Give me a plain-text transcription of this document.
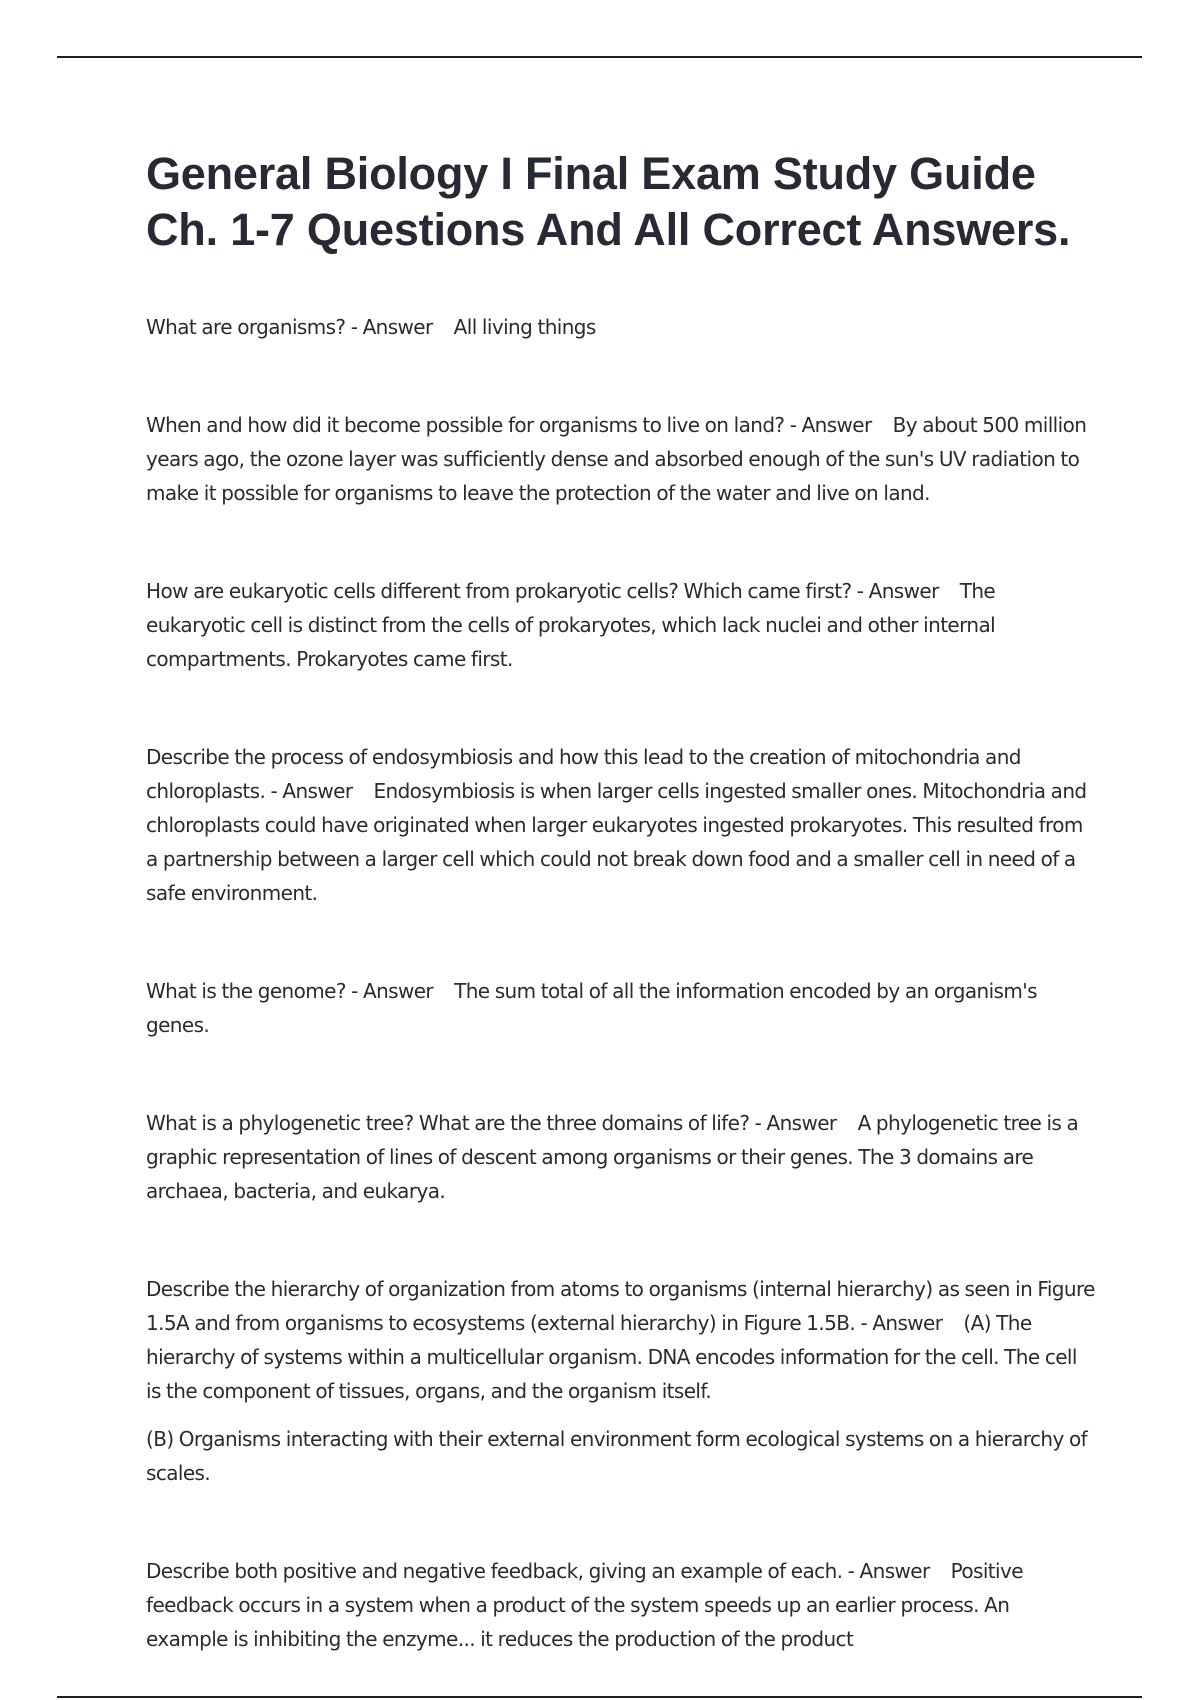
General Biology I Final Exam Study Guide Ch. 1-7 Questions And All Correct Answers.

What are organisms? - Answer All living things

When and how did it become possible for organisms to live on land? - Answer By about 500 million years ago, the ozone layer was sufficiently dense and absorbed enough of the sun's UV radiation to make it possible for organisms to leave the protection of the water and live on land.

How are eukaryotic cells different from prokaryotic cells? Which came first? - Answer The eukaryotic cell is distinct from the cells of prokaryotes, which lack nuclei and other internal compartments. Prokaryotes came first.

Describe the process of endosymbiosis and how this lead to the creation of mitochondria and chloroplasts. - Answer Endosymbiosis is when larger cells ingested smaller ones. Mitochondria and chloroplasts could have originated when larger eukaryotes ingested prokaryotes. This resulted from a partnership between a larger cell which could not break down food and a smaller cell in need of a safe environment.

What is the genome? - Answer The sum total of all the information encoded by an organism's genes.

What is a phylogenetic tree? What are the three domains of life? - Answer A phylogenetic tree is a graphic representation of lines of descent among organisms or their genes. The 3 domains are archaea, bacteria, and eukarya.

Describe the hierarchy of organization from atoms to organisms (internal hierarchy) as seen in Figure 1.5A and from organisms to ecosystems (external hierarchy) in Figure 1.5B. - Answer (A) The hierarchy of systems within a multicellular organism. DNA encodes information for the cell. The cell is the component of tissues, organs, and the organism itself.

(B) Organisms interacting with their external environment form ecological systems on a hierarchy of scales.

Describe both positive and negative feedback, giving an example of each. - Answer Positive feedback occurs in a system when a product of the system speeds up an earlier process. An example is inhibiting the enzyme... it reduces the production of the product
